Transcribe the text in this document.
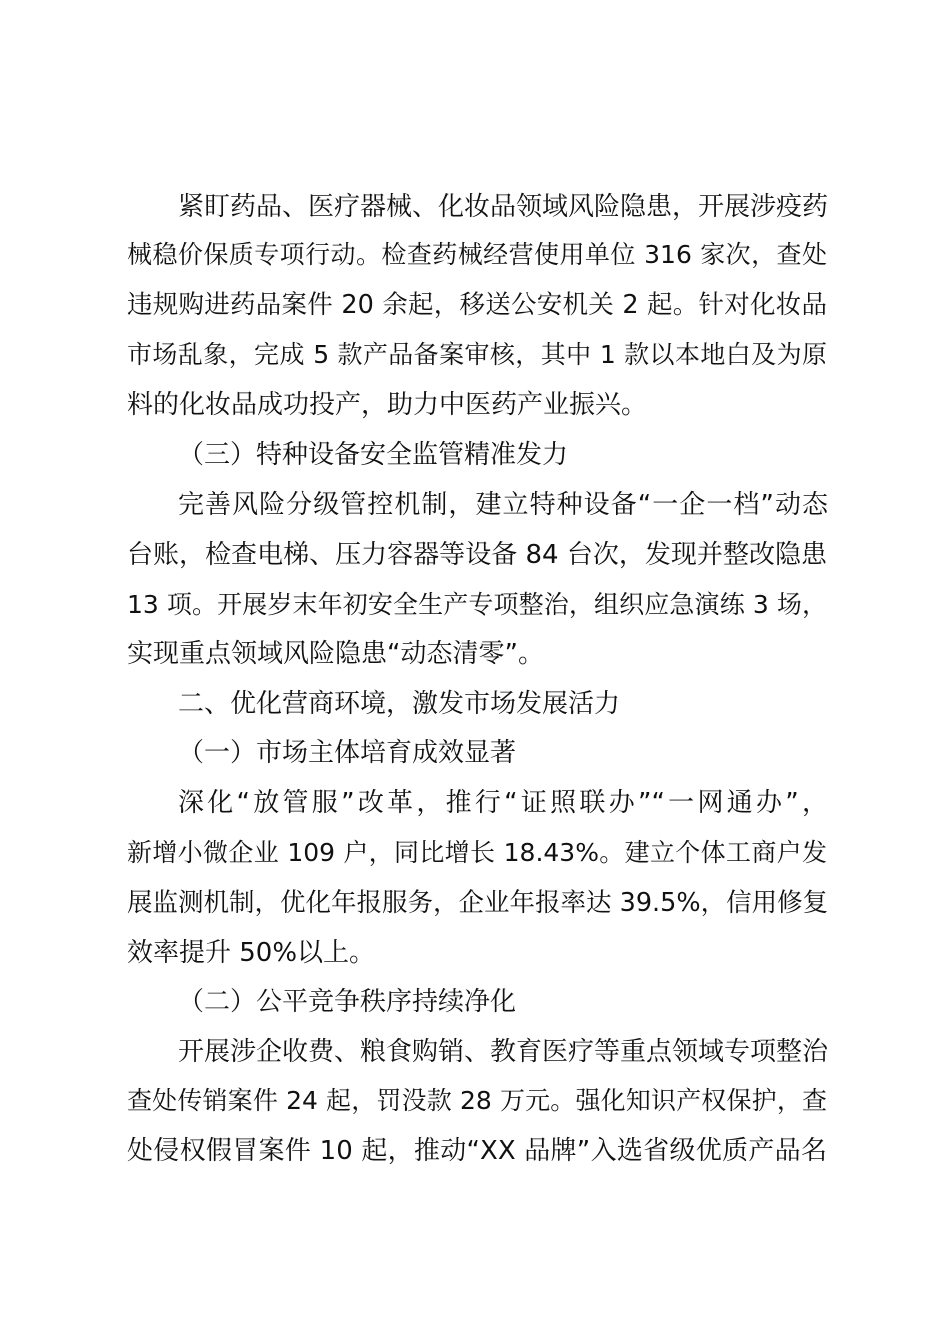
紧盯药品、医疗器械、化妆品领域风险隐患，开展涉疫药
械稳价保质专项行动。检查药械经营使用单位 316 家次，查处
违规购进药品案件 20 余起，移送公安机关 2 起。针对化妆品
市场乱象，完成 5 款产品备案审核，其中 1 款以本地白及为原
料的化妆品成功投产，助力中医药产业振兴。
（三）特种设备安全监管精准发力
完善风险分级管控机制，建立特种设备“一企一档”动态
台账，检查电梯、压力容器等设备 84 台次，发现并整改隐患
13 项。开展岁末年初安全生产专项整治，组织应急演练 3 场，
实现重点领域风险隐患“动态清零”。
二、优化营商环境，激发市场发展活力
（一）市场主体培育成效显著
深化“放管服”改革，推行“证照联办”“一网通办”，
新增小微企业 109 户，同比增长 18.43%。建立个体工商户发
展监测机制，优化年报服务，企业年报率达 39.5%，信用修复
效率提升 50%以上。
（二）公平竞争秩序持续净化
开展涉企收费、粮食购销、教育医疗等重点领域专项整治
查处传销案件 24 起，罚没款 28 万元。强化知识产权保护，查
处侵权假冒案件 10 起，推动“XX 品牌”入选省级优质产品名
